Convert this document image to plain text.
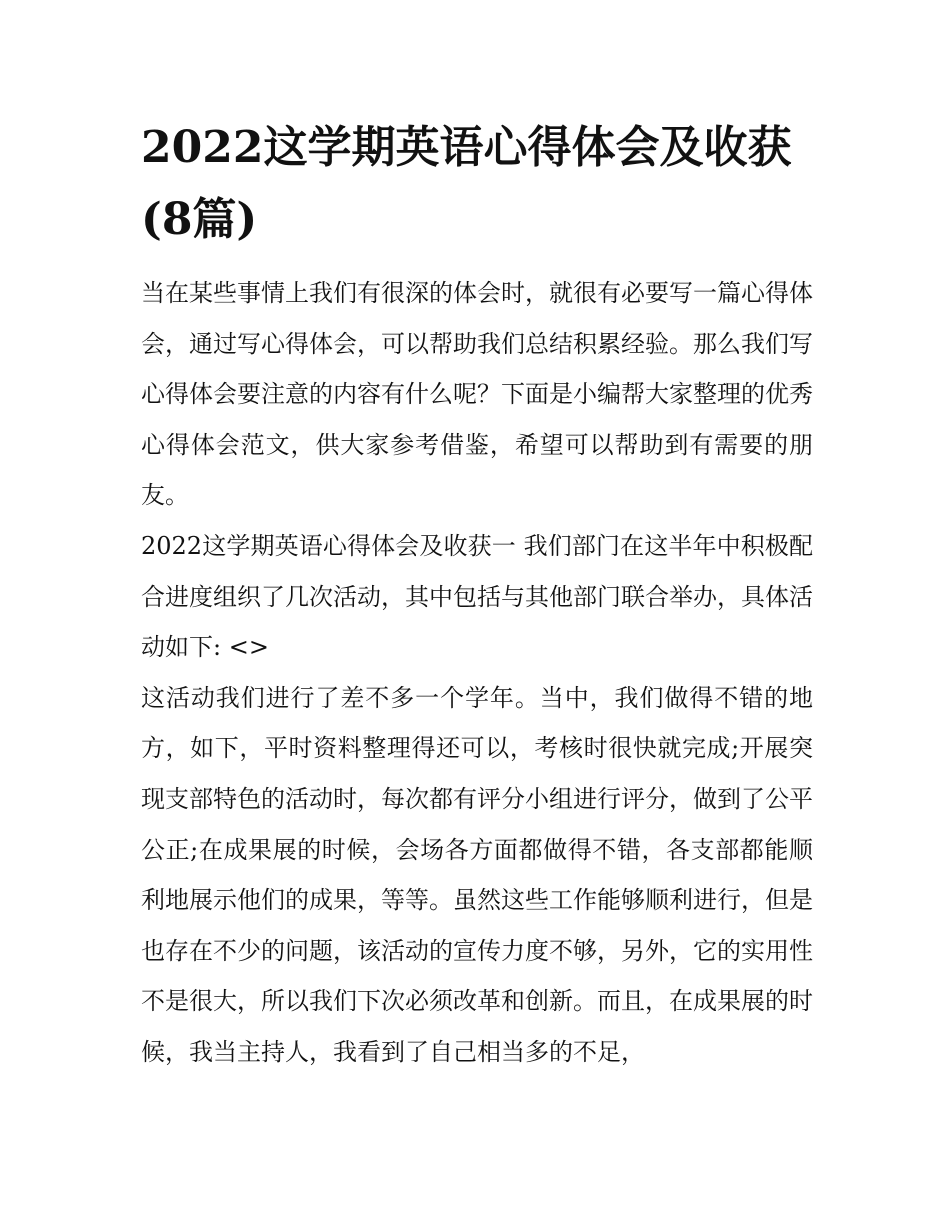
2022这学期英语心得体会及收获(8篇)

当在某些事情上我们有很深的体会时，就很有必要写一篇心得体会，通过写心得体会，可以帮助我们总结积累经验。那么我们写心得体会要注意的内容有什么呢？下面是小编帮大家整理的优秀心得体会范文，供大家参考借鉴，希望可以帮助到有需要的朋友。

2022这学期英语心得体会及收获一 我们部门在这半年中积极配合进度组织了几次活动，其中包括与其他部门联合举办，具体活动如下: <>

这活动我们进行了差不多一个学年。当中，我们做得不错的地方，如下，平时资料整理得还可以，考核时很快就完成;开展突现支部特色的活动时，每次都有评分小组进行评分，做到了公平公正;在成果展的时候，会场各方面都做得不错，各支部都能顺利地展示他们的成果，等等。虽然这些工作能够顺利进行，但是也存在不少的问题，该活动的宣传力度不够，另外，它的实用性不是很大，所以我们下次必须改革和创新。而且，在成果展的时候，我当主持人，我看到了自己相当多的不足，
